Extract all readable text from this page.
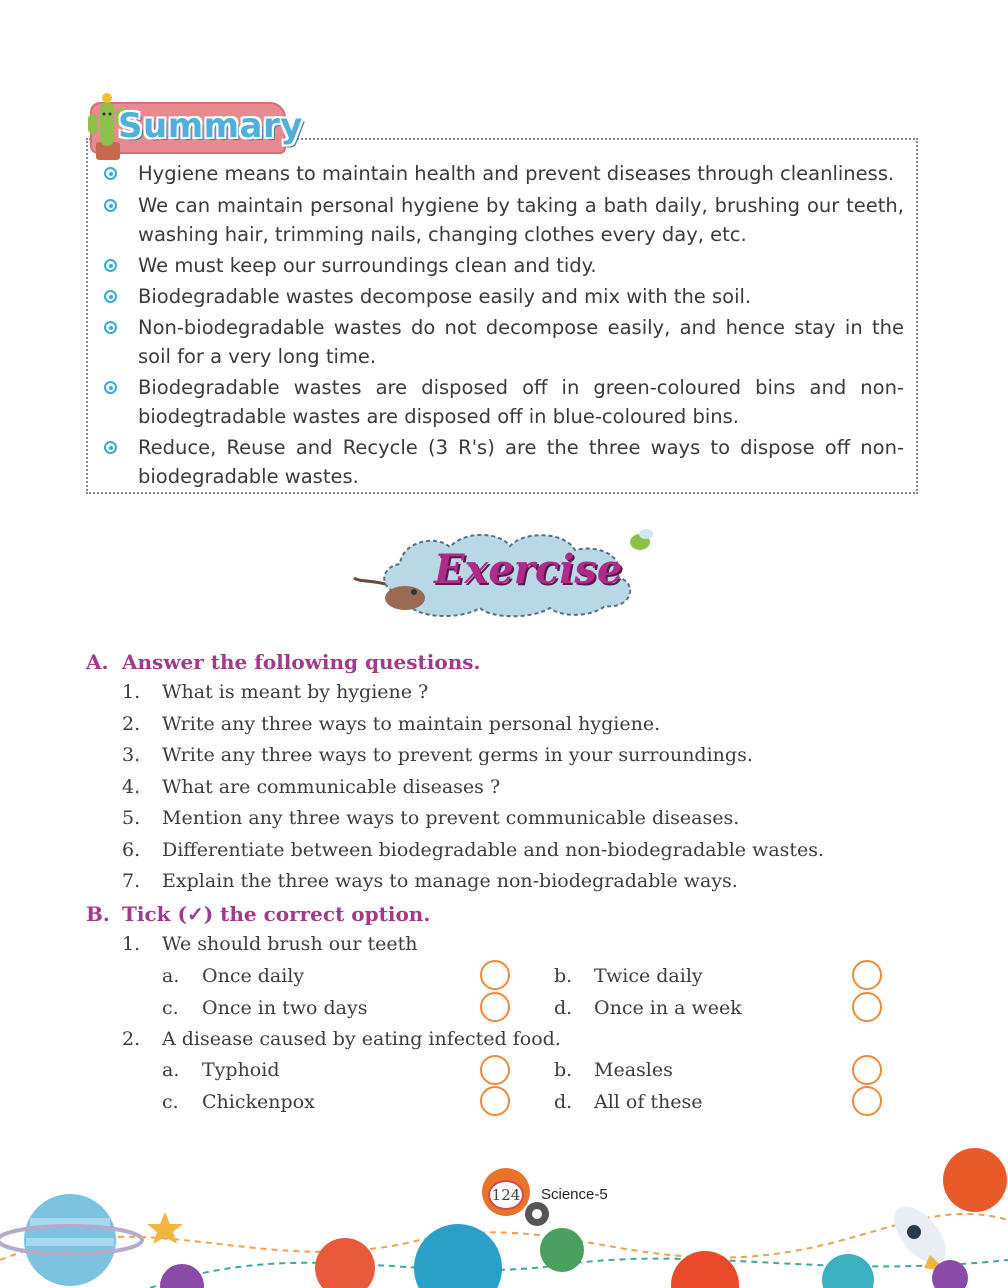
Summary
Hygiene means to maintain health and prevent diseases through cleanliness.
We can maintain personal hygiene by taking a bath daily, brushing our teeth, washing hair, trimming nails, changing clothes every day, etc.
We must keep our surroundings clean and tidy.
Biodegradable wastes decompose easily and mix with the soil.
Non-biodegradable wastes do not decompose easily, and hence stay in the soil for a very long time.
Biodegradable wastes are disposed off in green-coloured bins and non-biodegtradable wastes are disposed off in blue-coloured bins.
Reduce, Reuse and Recycle (3 R's) are the three ways to dispose off non-biodegradable wastes.
Exercise
A. Answer the following questions.
1. What is meant by hygiene ?
2. Write any three ways to maintain personal hygiene.
3. Write any three ways to prevent germs in your surroundings.
4. What are communicable diseases ?
5. Mention any three ways to prevent communicable diseases.
6. Differentiate between biodegradable and non-biodegradable wastes.
7. Explain the three ways to manage non-biodegradable ways.
B. Tick (✓) the correct option.
1. We should brush our teeth
a. Once daily	b. Twice daily
c. Once in two days	d. Once in a week
2. A disease caused by eating infected food.
a. Typhoid	b. Measles
c. Chickenpox	d. All of these
124 Science-5
